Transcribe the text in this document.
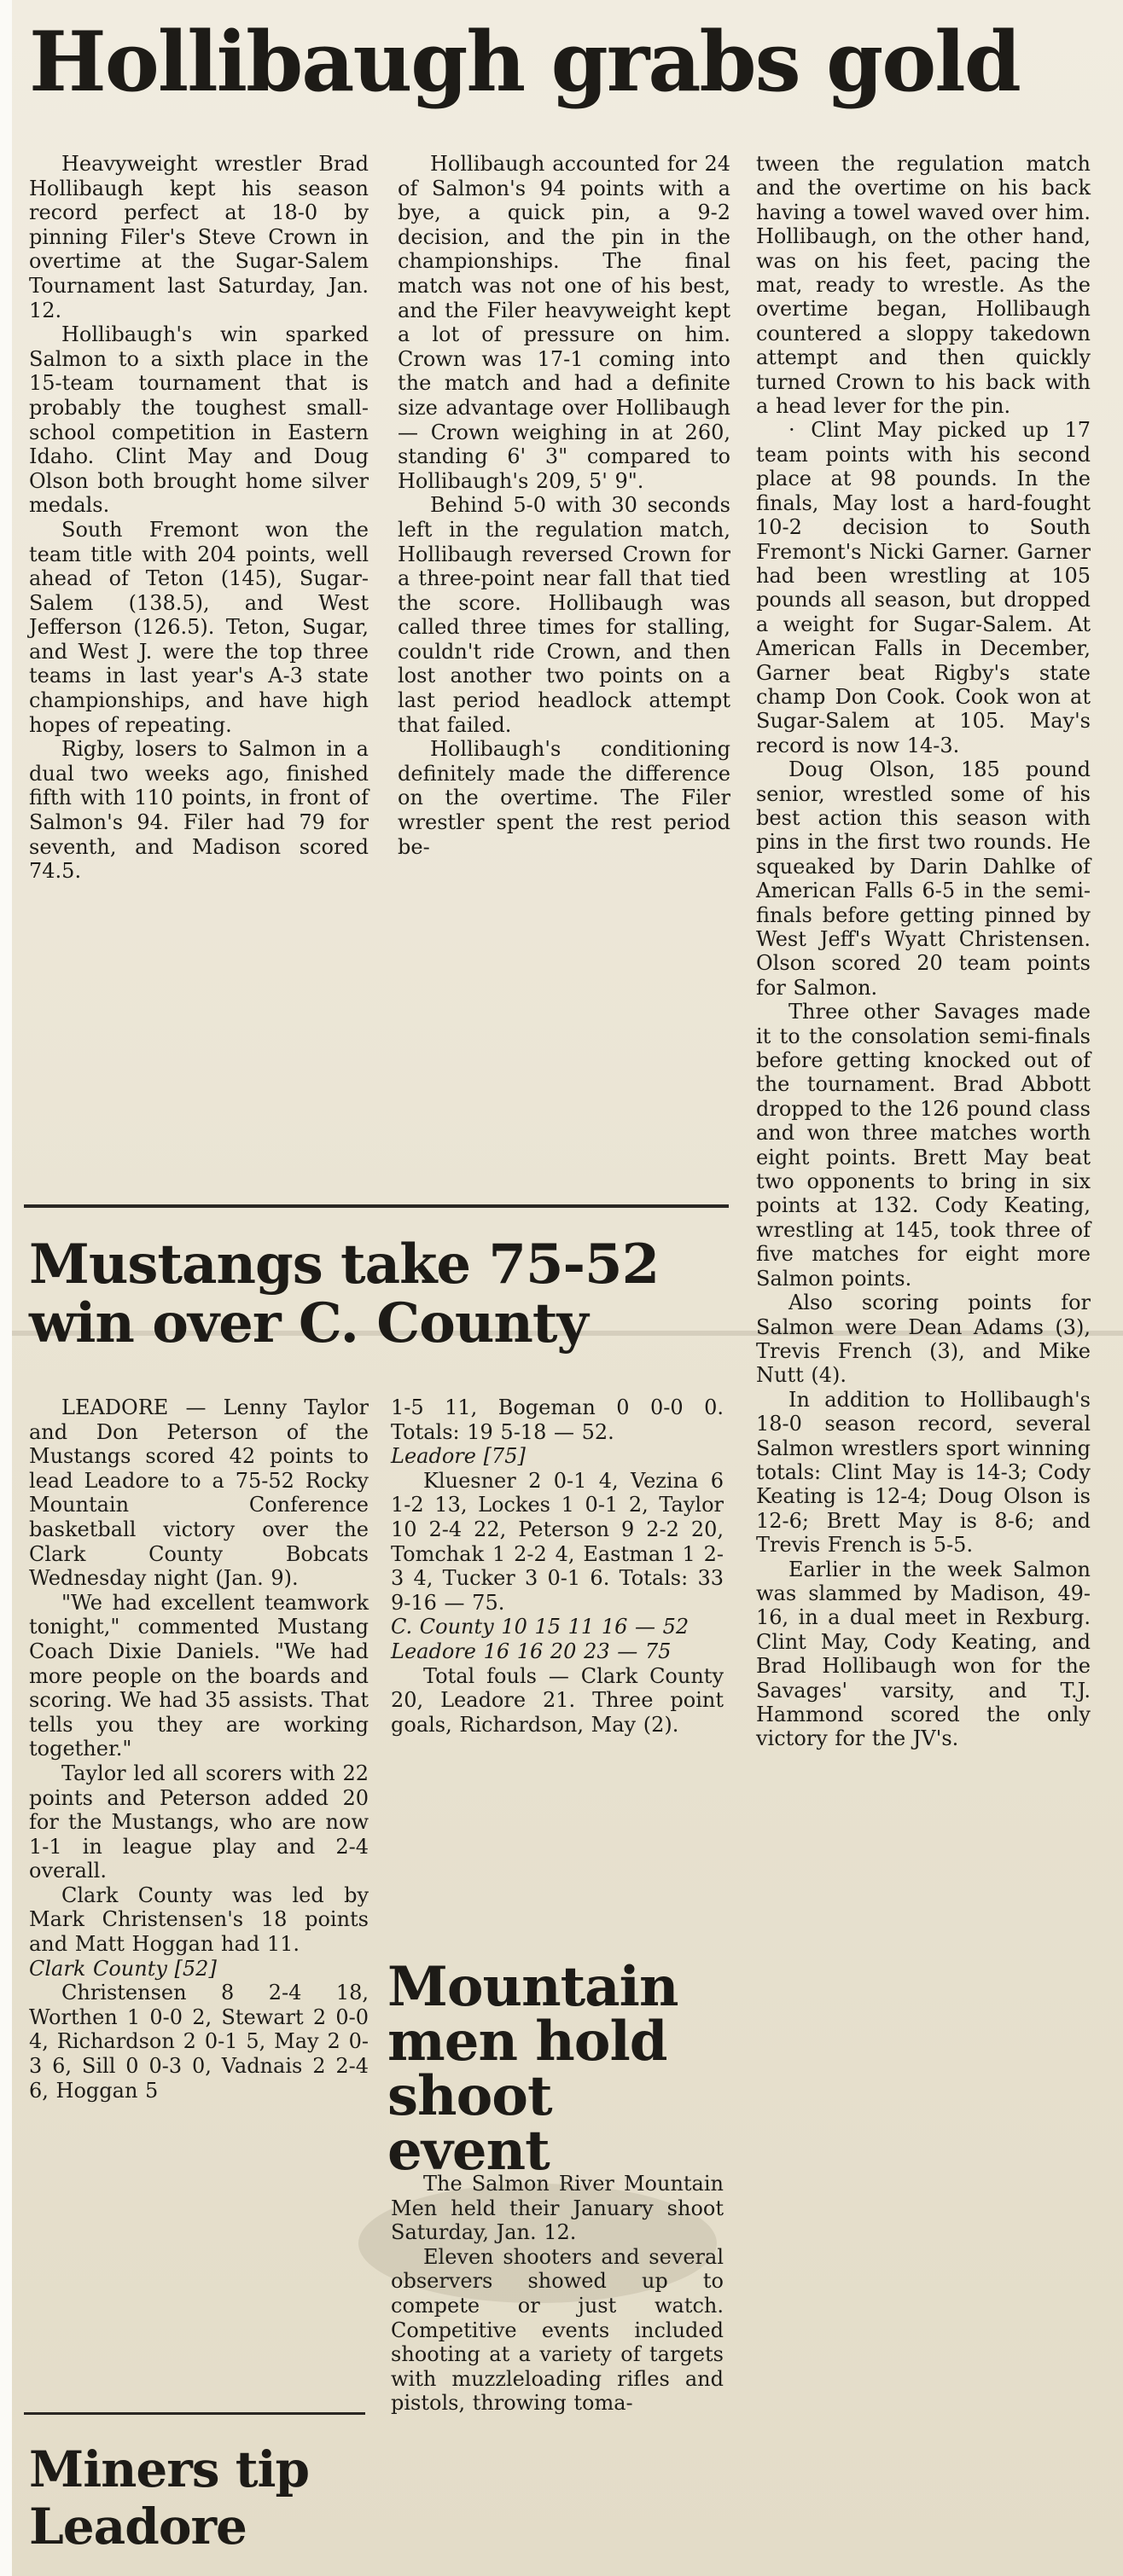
Hollibaugh grabs gold

Heavyweight wrestler Brad Hollibaugh kept his season record perfect at 18-0 by pinning Filer's Steve Crown in overtime at the Sugar-Salem Tournament last Saturday, Jan. 12.

Hollibaugh's win sparked Salmon to a sixth place in the 15-team tournament that is probably the toughest small-school competition in Eastern Idaho. Clint May and Doug Olson both brought home silver medals.

South Fremont won the team title with 204 points, well ahead of Teton (145), Sugar-Salem (138.5), and West Jefferson (126.5). Teton, Sugar, and West J. were the top three teams in last year's A-3 state championships, and have high hopes of repeating.

Rigby, losers to Salmon in a dual two weeks ago, finished fifth with 110 points, in front of Salmon's 94. Filer had 79 for seventh, and Madison scored 74.5.

Hollibaugh accounted for 24 of Salmon's 94 points with a bye, a quick pin, a 9-2 decision, and the pin in the championships. The final match was not one of his best, and the Filer heavyweight kept a lot of pressure on him. Crown was 17-1 coming into the match and had a definite size advantage over Hollibaugh — Crown weighing in at 260, standing 6' 3" compared to Hollibaugh's 209, 5' 9".

Behind 5-0 with 30 seconds left in the regulation match, Hollibaugh reversed Crown for a three-point near fall that tied the score. Hollibaugh was called three times for stalling, couldn't ride Crown, and then lost another two points on a last period headlock attempt that failed.

Hollibaugh's conditioning definitely made the difference on the overtime. The Filer wrestler spent the rest period be-

tween the regulation match and the overtime on his back having a towel waved over him. Hollibaugh, on the other hand, was on his feet, pacing the mat, ready to wrestle. As the overtime began, Hollibaugh countered a sloppy takedown attempt and then quickly turned Crown to his back with a head lever for the pin.

· Clint May picked up 17 team points with his second place at 98 pounds. In the finals, May lost a hard-fought 10-2 decision to South Fremont's Nicki Garner. Garner had been wrestling at 105 pounds all season, but dropped a weight for Sugar-Salem. At American Falls in December, Garner beat Rigby's state champ Don Cook. Cook won at Sugar-Salem at 105. May's record is now 14-3.

Doug Olson, 185 pound senior, wrestled some of his best action this season with pins in the first two rounds. He squeaked by Darin Dahlke of American Falls 6-5 in the semi-finals before getting pinned by West Jeff's Wyatt Christensen. Olson scored 20 team points for Salmon.

Three other Savages made it to the consolation semi-finals before getting knocked out of the tournament. Brad Abbott dropped to the 126 pound class and won three matches worth eight points. Brett May beat two opponents to bring in six points at 132. Cody Keating, wrestling at 145, took three of five matches for eight more Salmon points.

Also scoring points for Salmon were Dean Adams (3), Trevis French (3), and Mike Nutt (4).

In addition to Hollibaugh's 18-0 season record, several Salmon wrestlers sport winning totals: Clint May is 14-3; Cody Keating is 12-4; Doug Olson is 12-6; Brett May is 8-6; and Trevis French is 5-5.

Earlier in the week Salmon was slammed by Madison, 49-16, in a dual meet in Rexburg. Clint May, Cody Keating, and Brad Hollibaugh won for the Savages' varsity, and T.J. Hammond scored the only victory for the JV's.

Mustangs take 75-52 win over C. County

LEADORE — Lenny Taylor and Don Peterson of the Mustangs scored 42 points to lead Leadore to a 75-52 Rocky Mountain Conference basketball victory over the Clark County Bobcats Wednesday night (Jan. 9).

"We had excellent teamwork tonight," commented Mustang Coach Dixie Daniels. "We had more people on the boards and scoring. We had 35 assists. That tells you they are working together."

Taylor led all scorers with 22 points and Peterson added 20 for the Mustangs, who are now 1-1 in league play and 2-4 overall.

Clark County was led by Mark Christensen's 18 points and Matt Hoggan had 11.

Clark County [52]

Christensen 8 2-4 18, Worthen 1 0-0 2, Stewart 2 0-0 4, Richardson 2 0-1 5, May 2 0-3 6, Sill 0 0-3 0, Vadnais 2 2-4 6, Hoggan 5

1-5 11, Bogeman 0 0-0 0. Totals: 19 5-18 — 52.

Leadore [75]

Kluesner 2 0-1 4, Vezina 6 1-2 13, Lockes 1 0-1 2, Taylor 10 2-4 22, Peterson 9 2-2 20, Tomchak 1 2-2 4, Eastman 1 2-3 4, Tucker 3 0-1 6. Totals: 33 9-16 — 75.

C. County 10 15 11 16 — 52

Leadore 16 16 20 23 — 75

Total fouls — Clark County 20, Leadore 21. Three point goals, Richardson, May (2).

Mountain men hold shoot event

The Salmon River Mountain Men held their January shoot Saturday, Jan. 12.

Eleven shooters and several observers showed up to compete or just watch. Competitive events included shooting at a variety of targets with muzzleloading rifles and pistols, throwing toma-

Miners tip Leadore
